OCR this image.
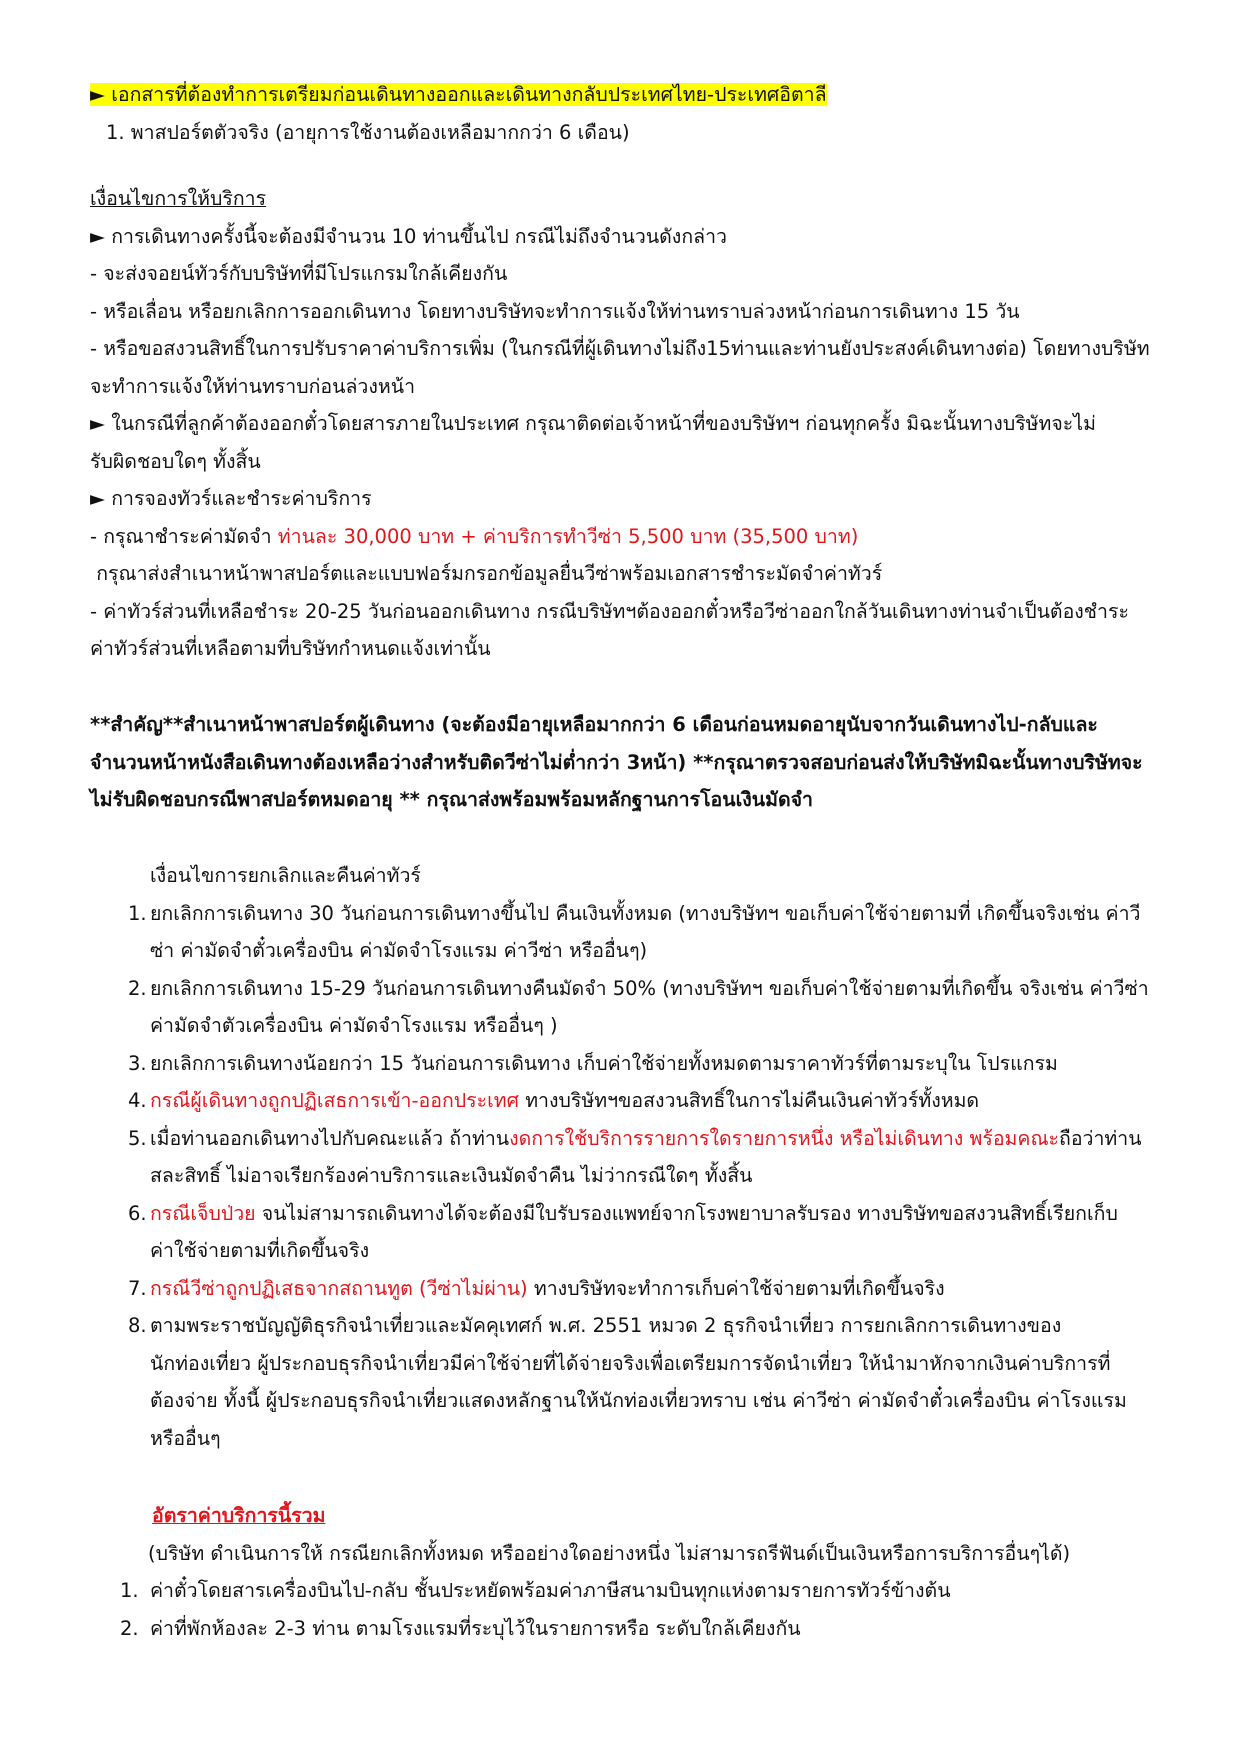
► เอกสารที่ต้องทำการเตรียมก่อนเดินทางออกและเดินทางกลับประเทศไทย-ประเทศอิตาลี
1. พาสปอร์ตตัวจริง (อายุการใช้งานต้องเหลือมากกว่า 6 เดือน)
เงื่อนไขการให้บริการ
► การเดินทางครั้งนี้จะต้องมีจำนวน 10 ท่านขึ้นไป กรณีไม่ถึงจำนวนดังกล่าว
- จะส่งจอยน์ทัวร์กับบริษัทที่มีโปรแกรมใกล้เคียงกัน
- หรือเลื่อน หรือยกเลิกการออกเดินทาง โดยทางบริษัทจะทำการแจ้งให้ท่านทราบล่วงหน้าก่อนการเดินทาง 15 วัน
- หรือขอสงวนสิทธิ์ในการปรับราคาค่าบริการเพิ่ม (ในกรณีที่ผู้เดินทางไม่ถึง15ท่านและท่านยังประสงค์เดินทางต่อ) โดยทางบริษัท
จะทำการแจ้งให้ท่านทราบก่อนล่วงหน้า
► ในกรณีที่ลูกค้าต้องออกตั๋วโดยสารภายในประเทศ กรุณาติดต่อเจ้าหน้าที่ของบริษัทฯ ก่อนทุกครั้ง มิฉะนั้นทางบริษัทจะไม่
รับผิดชอบใดๆ ทั้งสิ้น
► การจองทัวร์และชำระค่าบริการ
- กรุณาชำระค่ามัดจำ ท่านละ 30,000 บาท + ค่าบริการทำวีซ่า 5,500 บาท (35,500 บาท)
กรุณาส่งสำเนาหน้าพาสปอร์ตและแบบฟอร์มกรอกข้อมูลยื่นวีซ่าพร้อมเอกสารชำระมัดจำค่าทัวร์
- ค่าทัวร์ส่วนที่เหลือชำระ 20-25 วันก่อนออกเดินทาง กรณีบริษัทฯต้องออกตั๋วหรือวีซ่าออกใกล้วันเดินทางท่านจำเป็นต้องชำระ
ค่าทัวร์ส่วนที่เหลือตามที่บริษัทกำหนดแจ้งเท่านั้น
**สำคัญ**สำเนาหน้าพาสปอร์ตผู้เดินทาง (จะต้องมีอายุเหลือมากกว่า 6 เดือนก่อนหมดอายุนับจากวันเดินทางไป-กลับและ
จำนวนหน้าหนังสือเดินทางต้องเหลือว่างสำหรับติดวีซ่าไม่ต่ำกว่า 3หน้า) **กรุณาตรวจสอบก่อนส่งให้บริษัทมิฉะนั้นทางบริษัทจะ
ไม่รับผิดชอบกรณีพาสปอร์ตหมดอายุ ** กรุณาส่งพร้อมพร้อมหลักฐานการโอนเงินมัดจำ
เงื่อนไขการยกเลิกและคืนค่าทัวร์
1. ยกเลิกการเดินทาง 30 วันก่อนการเดินทางขึ้นไป คืนเงินทั้งหมด (ทางบริษัทฯ ขอเก็บค่าใช้จ่ายตามที่ เกิดขึ้นจริงเช่น ค่าวี
ซ่า ค่ามัดจำตั๋วเครื่องบิน ค่ามัดจำโรงแรม ค่าวีซ่า หรืออื่นๆ)
2. ยกเลิกการเดินทาง 15-29 วันก่อนการเดินทางคืนมัดจำ 50% (ทางบริษัทฯ ขอเก็บค่าใช้จ่ายตามที่เกิดขึ้น จริงเช่น ค่าวีซ่า
ค่ามัดจำตัวเครื่องบิน ค่ามัดจำโรงแรม หรืออื่นๆ )
3. ยกเลิกการเดินทางน้อยกว่า 15 วันก่อนการเดินทาง เก็บค่าใช้จ่ายทั้งหมดตามราคาทัวร์ที่ตามระบุใน โปรแกรม
4. กรณีผู้เดินทางถูกปฏิเสธการเข้า-ออกประเทศ ทางบริษัทฯขอสงวนสิทธิ์ในการไม่คืนเงินค่าทัวร์ทั้งหมด
5. เมื่อท่านออกเดินทางไปกับคณะแล้ว ถ้าท่านงดการใช้บริการรายการใดรายการหนึ่ง หรือไม่เดินทาง พร้อมคณะถือว่าท่าน
สละสิทธิ์ ไม่อาจเรียกร้องค่าบริการและเงินมัดจำคืน ไม่ว่ากรณีใดๆ ทั้งสิ้น
6. กรณีเจ็บป่วย จนไม่สามารถเดินทางได้จะต้องมีใบรับรองแพทย์จากโรงพยาบาลรับรอง ทางบริษัทขอสงวนสิทธิ์เรียกเก็บ
ค่าใช้จ่ายตามที่เกิดขึ้นจริง
7. กรณีวีซ่าถูกปฏิเสธจากสถานทูต (วีซ่าไม่ผ่าน) ทางบริษัทจะทำการเก็บค่าใช้จ่ายตามที่เกิดขึ้นจริง
8. ตามพระราชบัญญัติธุรกิจนำเที่ยวและมัคคุเทศก์ พ.ศ. 2551 หมวด 2 ธุรกิจนำเที่ยว การยกเลิกการเดินทางของ
นักท่องเที่ยว ผู้ประกอบธุรกิจนำเที่ยวมีค่าใช้จ่ายที่ได้จ่ายจริงเพื่อเตรียมการจัดนำเที่ยว ให้นำมาหักจากเงินค่าบริการที่
ต้องจ่าย ทั้งนี้ ผู้ประกอบธุรกิจนำเที่ยวแสดงหลักฐานให้นักท่องเที่ยวทราบ เช่น ค่าวีซ่า ค่ามัดจำตั๋วเครื่องบิน ค่าโรงแรม
หรืออื่นๆ
อัตราค่าบริการนี้รวม
(บริษัท ดำเนินการให้ กรณียกเลิกทั้งหมด หรืออย่างใดอย่างหนึ่ง ไม่สามารถรีฟันด์เป็นเงินหรือการบริการอื่นๆได้)
1. ค่าตั๋วโดยสารเครื่องบินไป-กลับ ชั้นประหยัดพร้อมค่าภาษีสนามบินทุกแห่งตามรายการทัวร์ข้างต้น
2. ค่าที่พักห้องละ 2-3 ท่าน ตามโรงแรมที่ระบุไว้ในรายการหรือ ระดับใกล้เคียงกัน
